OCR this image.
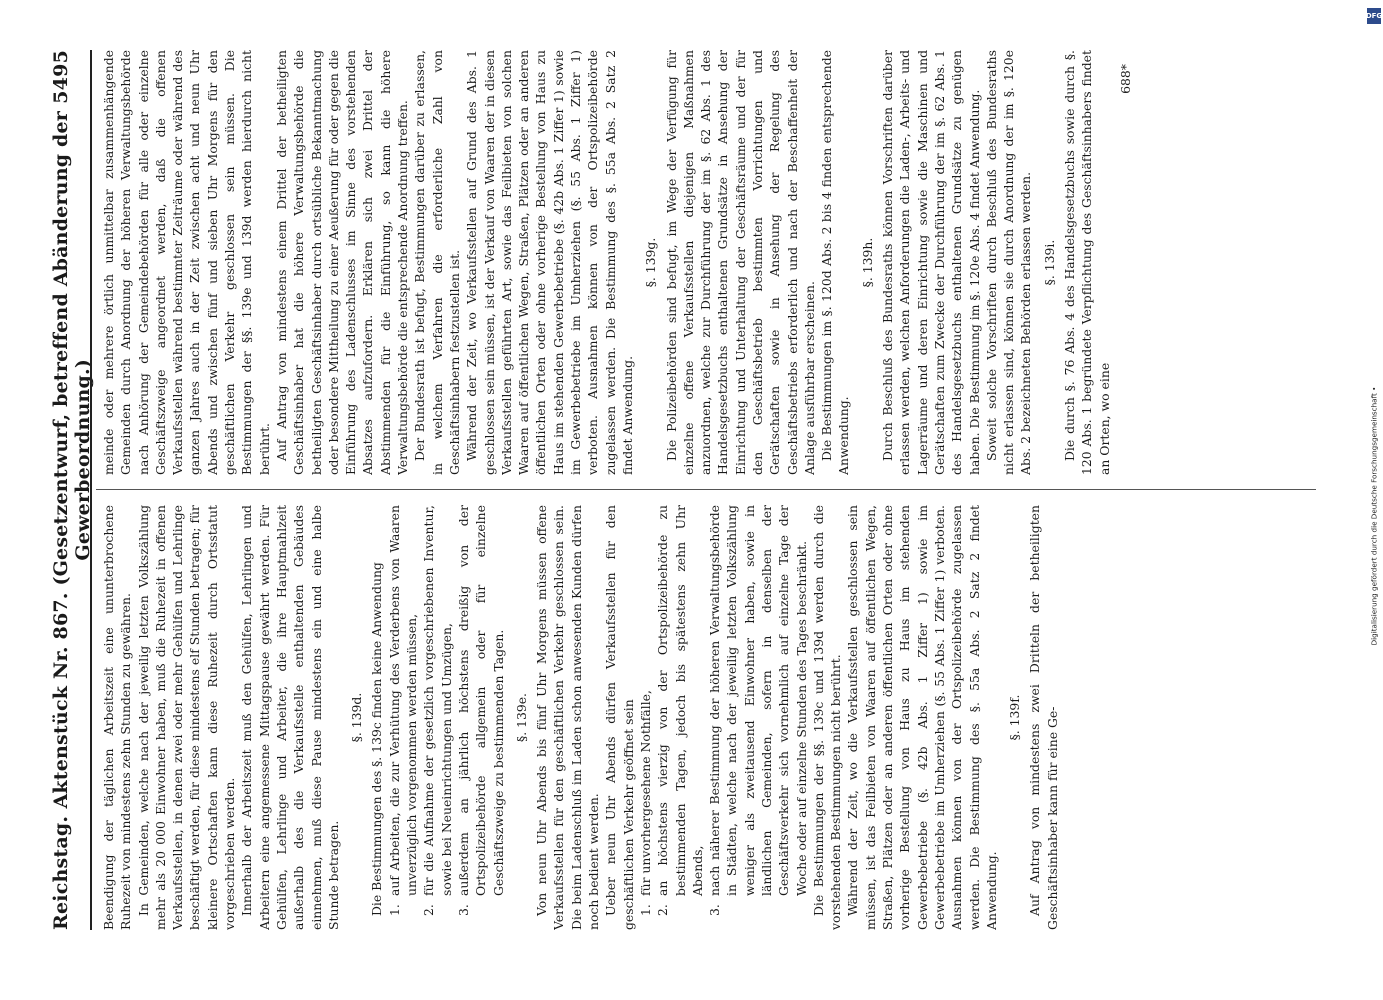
Reichstag.
Aktenstück Nr. 867. (Gesetzentwurf, betreffend Abänderung der Gewerbeordnung.)
5495

Beendigung der täglichen Arbeitszeit eine ununterbrochene Ruhezeit von mindestens zehn Stunden zu gewähren. In Gemeinden, welche nach der jeweilig letzten Volkszählung mehr als 20 000 Einwohner haben, muß die Ruhezeit in offenen Verkaufsstellen, in denen zwei oder mehr Gehülfen und Lehrlinge beschäftigt werden, für diese mindestens elf Stunden betragen; für kleinere Ortschaften kann diese Ruhezeit durch Ortsstatut vorgeschrieben werden. Innerhalb der Arbeitszeit muß den Gehülfen, Lehrlingen und Arbeitern eine angemessene Mittagspause gewährt werden. Für Gehülfen, Lehrlinge und Arbeiter, die ihre Hauptmahlzeit außerhalb des die Verkaufsstelle enthaltenden Gebäudes einnehmen, muß diese Pause mindestens ein und eine halbe Stunde betragen.

§. 139d. Die Bestimmungen des §. 139c finden keine Anwendung 1.auf Arbeiten, die zur Verhütung des Verderbens von Waaren unverzüglich vorgenommen werden müssen,

2.für die Aufnahme der gesetzlich vorgeschriebenen Inventur, sowie bei Neueinrichtungen und Umzügen,

3.außerdem an jährlich höchstens dreißig von der Ortspolizeibehörde allgemein oder für einzelne Geschäftszweige zu bestimmenden Tagen. §. 139e. Von neun Uhr Abends bis fünf Uhr Morgens müssen offene Verkaufsstellen für den geschäftlichen Verkehr geschlossen sein. Die beim Ladenschluß im Laden schon anwesenden Kunden dürfen noch bedient werden. Ueber neun Uhr Abends dürfen Verkaufsstellen für den geschäftlichen Verkehr geöffnet sein 1.für unvorhergesehene Nothfälle,

2.an höchstens vierzig von der Ortspolizeibehörde zu bestimmenden Tagen, jedoch bis spätestens zehn Uhr Abends,

3.nach näherer Bestimmung der höheren Verwaltungsbehörde in Städten, welche nach der jeweilig letzten Volkszählung weniger als zweitausend Einwohner haben, sowie in ländlichen Gemeinden, sofern in denselben der Geschäftsverkehr sich vornehmlich auf einzelne Tage der Woche oder auf einzelne Stunden des Tages beschränkt. Die Bestimmungen der §§. 139c und 139d werden durch die vorstehenden Bestimmungen nicht berührt. Während der Zeit, wo die Verkaufsstellen geschlossen sein müssen, ist das Feilbieten von Waaren auf öffentlichen Wegen, Straßen, Plätzen oder an anderen öffentlichen Orten oder ohne vorherige Bestellung von Haus zu Haus im stehenden Gewerbebetriebe (§. 42b Abs. 1 Ziffer 1) sowie im Gewerbebetriebe im Umherziehen (§. 55 Abs. 1 Ziffer 1) verboten. Ausnahmen können von der Ortspolizeibehörde zugelassen werden. Die Bestimmung des §. 55a Abs. 2 Satz 2 findet Anwendung.

§. 139f. Auf Antrag von mindestens zwei Dritteln der betheiligten Geschäftsinhaber kann für eine Ge-

meinde oder mehrere örtlich unmittelbar zusammenhängende Gemeinden durch Anordnung der höheren Verwaltungsbehörde nach Anhörung der Gemeindebehörden für alle oder einzelne Geschäftszweige angeordnet werden, daß die offenen Verkaufsstellen während bestimmter Zeiträume oder während des ganzen Jahres auch in der Zeit zwischen acht und neun Uhr Abends und zwischen fünf und sieben Uhr Morgens für den geschäftlichen Verkehr geschlossen sein müssen. Die Bestimmungen der §§. 139e und 139d werden hierdurch nicht berührt. Auf Antrag von mindestens einem Drittel der betheiligten Geschäftsinhaber hat die höhere Verwaltungsbehörde die betheiligten Geschäftsinhaber durch ortsübliche Bekanntmachung oder besondere Mittheilung zu einer Aeußerung für oder gegen die Einführung des Ladenschlusses im Sinne des vorstehenden Absatzes aufzufordern. Erklären sich zwei Drittel der Abstimmenden für die Einführung, so kann die höhere Verwaltungsbehörde die entsprechende Anordnung treffen. Der Bundesrath ist befugt, Bestimmungen darüber zu erlassen, in welchem Verfahren die erforderliche Zahl von Geschäftsinhabern festzustellen ist. Während der Zeit, wo Verkaufsstellen auf Grund des Abs. 1 geschlossen sein müssen, ist der Verkauf von Waaren der in diesen Verkaufsstellen geführten Art, sowie das Feilbieten von solchen Waaren auf öffentlichen Wegen, Straßen, Plätzen oder an anderen öffentlichen Orten oder ohne vorherige Bestellung von Haus zu Haus im stehenden Gewerbebetriebe (§. 42b Abs. 1 Ziffer 1) sowie im Gewerbebetriebe im Umherziehen (§. 55 Abs. 1 Ziffer 1) verboten. Ausnahmen können von der Ortspolizeibehörde zugelassen werden. Die Bestimmung des §. 55a Abs. 2 Satz 2 findet Anwendung.

§. 139g. Die Polizeibehörden sind befugt, im Wege der Verfügung für einzelne offene Verkaufsstellen diejenigen Maßnahmen anzuordnen, welche zur Durchführung der im §. 62 Abs. 1 des Handelsgesetzbuchs enthaltenen Grundsätze in Ansehung der Einrichtung und Unterhaltung der Geschäftsräume und der für den Geschäftsbetrieb bestimmten Vorrichtungen und Gerätschaften sowie in Ansehung der Regelung des Geschäftsbetriebs erforderlich und nach der Beschaffenheit der Anlage ausführbar erscheinen. Die Bestimmungen im §. 120d Abs. 2 bis 4 finden entsprechende Anwendung.

§. 139h. Durch Beschluß des Bundesraths können Vorschriften darüber erlassen werden, welchen Anforderungen die Laden-, Arbeits- und Lagerräume und deren Einrichtung sowie die Maschinen und Gerätschaften zum Zwecke der Durchführung der im §. 62 Abs. 1 des Handelsgesetzbuchs enthaltenen Grundsätze zu genügen haben. Die Bestimmung im §. 120e Abs. 4 findet Anwendung. Soweit solche Vorschriften durch Beschluß des Bundesraths nicht erlassen sind, können sie durch Anordnung der im §. 120e Abs. 2 bezeichneten Behörden erlassen werden. §. 139i. Die durch §. 76 Abs. 4 des Handelsgesetzbuchs sowie durch §. 120 Abs. 1 begründete Verpflichtung des Geschäftsinhabers findet an Orten, wo eine

688*
DFG
Digitalisierung gefördert durch die Deutsche Forschungsgemeinschaft •
